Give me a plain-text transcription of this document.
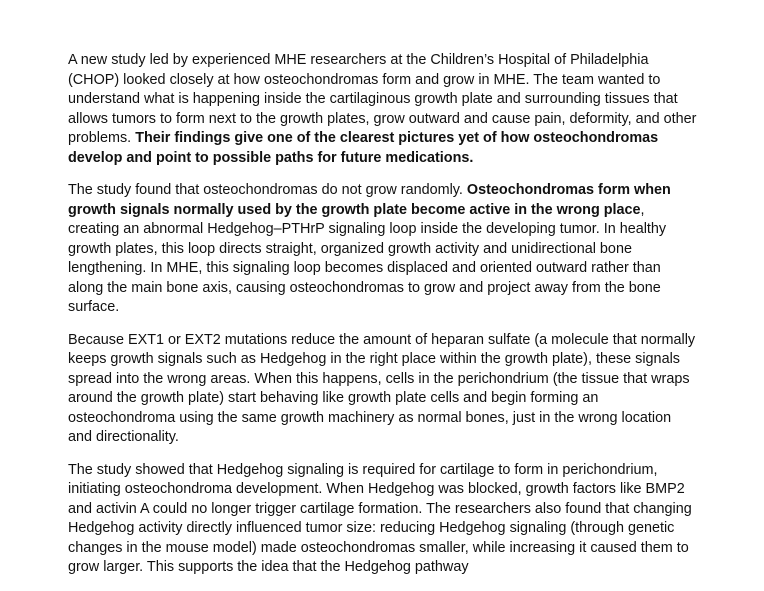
A new study led by experienced MHE researchers at the Children’s Hospital of Philadelphia (CHOP) looked closely at how osteochondromas form and grow in MHE. The team wanted to understand what is happening inside the cartilaginous growth plate and surrounding tissues that allows tumors to form next to the growth plates, grow outward and cause pain, deformity, and other problems. Their findings give one of the clearest pictures yet of how osteochondromas develop and point to possible paths for future medications.

The study found that osteochondromas do not grow randomly. Osteochondromas form when growth signals normally used by the growth plate become active in the wrong place, creating an abnormal Hedgehog–PTHrP signaling loop inside the developing tumor. In healthy growth plates, this loop directs straight, organized growth activity and unidirectional bone lengthening. In MHE, this signaling loop becomes displaced and oriented outward rather than along the main bone axis, causing osteochondromas to grow and project away from the bone surface.

Because EXT1 or EXT2 mutations reduce the amount of heparan sulfate (a molecule that normally keeps growth signals such as Hedgehog in the right place within the growth plate), these signals spread into the wrong areas. When this happens, cells in the perichondrium (the tissue that wraps around the growth plate) start behaving like growth plate cells and begin forming an osteochondroma using the same growth machinery as normal bones, just in the wrong location and directionality.

The study showed that Hedgehog signaling is required for cartilage to form in perichondrium, initiating osteochondroma development. When Hedgehog was blocked, growth factors like BMP2 and activin A could no longer trigger cartilage formation. The researchers also found that changing Hedgehog activity directly influenced tumor size: reducing Hedgehog signaling (through genetic changes in the mouse model) made osteochondromas smaller, while increasing it caused them to grow larger. This supports the idea that the Hedgehog pathway
